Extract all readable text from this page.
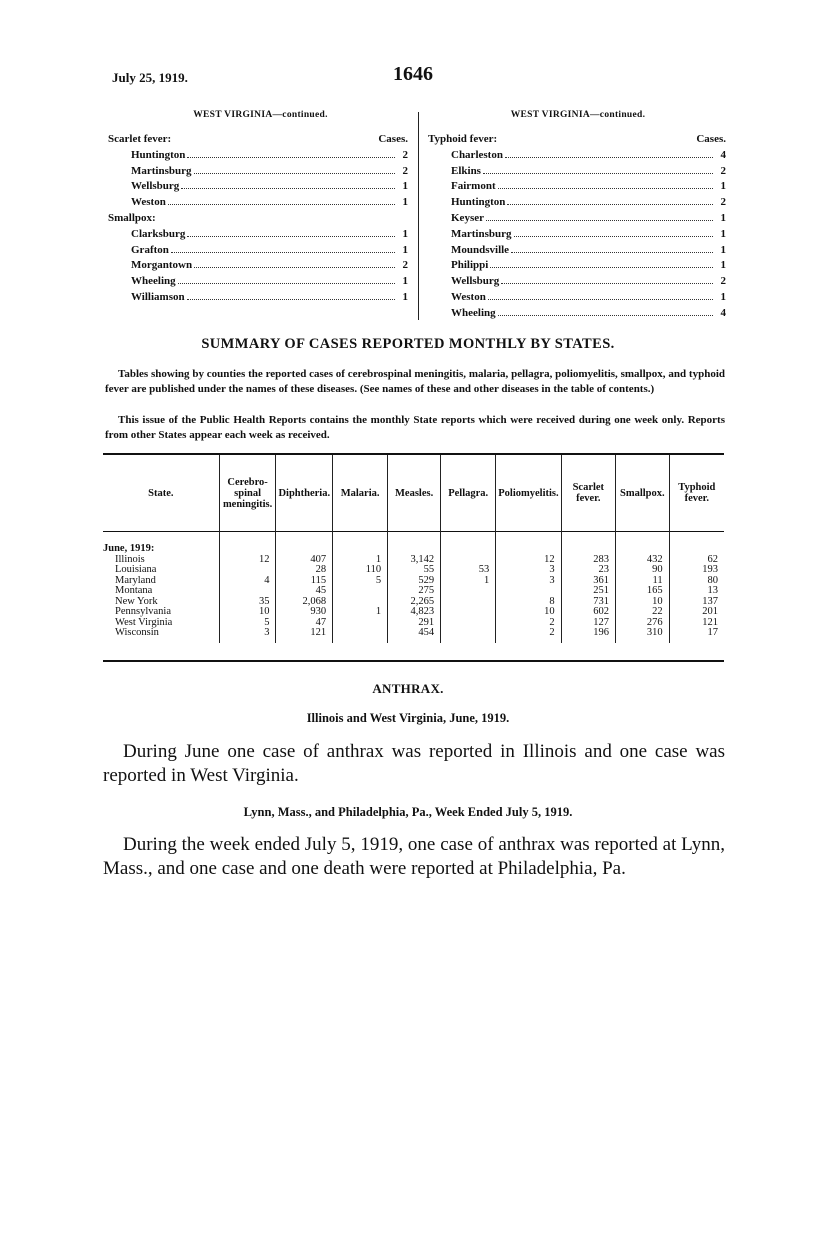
July 25, 1919.	1646
WEST VIRGINIA—continued.
Scarlet fever:	Cases.
Huntington	2
Martinsburg	2
Wellsburg	1
Weston	1
Smallpox:
Clarksburg	1
Grafton	1
Morgantown	2
Wheeling	1
Williamson	1
WEST VIRGINIA—continued.
Typhoid fever:	Cases.
Charleston	4
Elkins	2
Fairmont	1
Huntington	2
Keyser	1
Martinsburg	1
Moundsville	1
Philippi	1
Wellsburg	2
Weston	1
Wheeling	4
SUMMARY OF CASES REPORTED MONTHLY BY STATES.
Tables showing by counties the reported cases of cerebrospinal meningitis, malaria, pellagra, poliomyelitis, smallpox, and typhoid fever are published under the names of these diseases. (See names of these and other diseases in the table of contents.)
This issue of the Public Health Reports contains the monthly State reports which were received during one week only. Reports from other States appear each week as received.
State.	Cerebro-spinal meningitis.	Diphtheria.	Malaria.	Measles.	Pellagra.	Poliomyelitis.	Scarlet fever.	Smallpox.	Typhoid fever.

June, 1919:									
Illinois	12	407	1	3,142		12	283	432	62
Louisiana		28	110	55	53	3	23	90	193
Maryland	4	115	5	529	1	3	361	11	80
Montana		45		275			251	165	13
New York	35	2,068		2,265		8	731	10	137
Pennsylvania	10	930	1	4,823		10	602	22	201
West Virginia	5	47		291		2	127	276	121
Wisconsin	3	121		454		2	196	310	17
ANTHRAX.
Illinois and West Virginia, June, 1919.
During June one case of anthrax was reported in Illinois and one case was reported in West Virginia.
Lynn, Mass., and Philadelphia, Pa., Week Ended July 5, 1919.
During the week ended July 5, 1919, one case of anthrax was reported at Lynn, Mass., and one case and one death were reported at Philadelphia, Pa.
